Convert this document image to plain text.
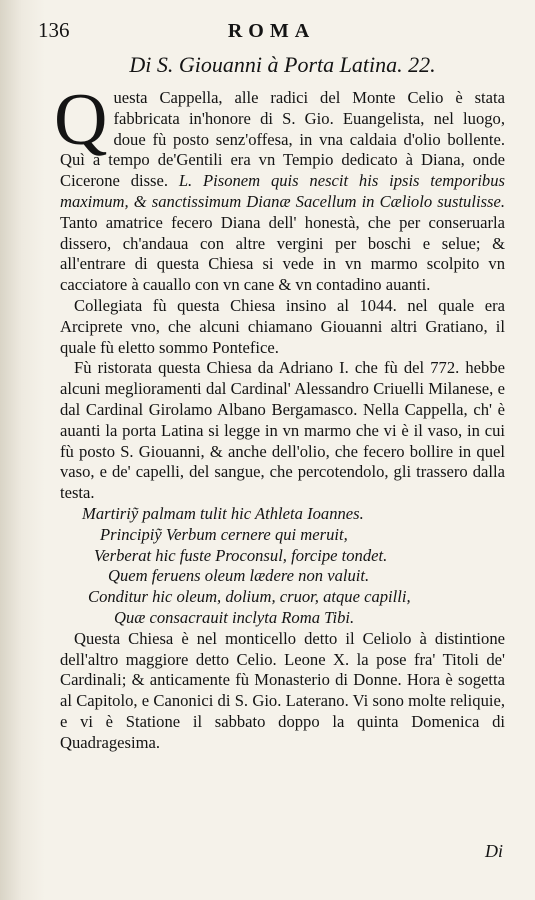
136	ROMA
Di S. Giouanni à Porta Latina. 22.

Questa Cappella, alle radici del Monte Celio è stata fabbricata in'honore di S. Gio. Euangelista, nel luogo, doue fù posto senz'offesa, in vna caldaia d'olio bollente. Quì à tempo de'Gentili era vn Tempio dedicato à Diana, onde Cicerone disse. L. Pisonem quis nescit his ipsis temporibus maximum, & sanctissimum Dianæ Sacellum in Cæliolo sustulisse. Tanto amatrice fecero Diana dell' honestà, che per conseruarla dissero, ch'andaua con altre vergini per boschi e selue; & all'entrare di questa Chiesa si vede in vn marmo scolpito vn cacciatore à cauallo con vn cane & vn contadino auanti.

Collegiata fù questa Chiesa insino al 1044. nel quale era Arciprete vno, che alcuni chiamano Giouanni altri Gratiano, il quale fù eletto sommo Pontefice.

Fù ristorata questa Chiesa da Adriano I. che fù del 772. hebbe alcuni meglioramenti dal Cardinal' Alessandro Criuelli Milanese, e dal Cardinal Girolamo Albano Bergamasco. Nella Cappella, ch' è auanti la porta Latina si legge in vn marmo che vi è il vaso, in cui fù posto S. Giouanni, & anche dell'olio, che fecero bollire in quel vaso, e de' capelli, del sangue, che percotendolo, gli trassero dalla testa.

Martiriỹ palmam tulit hic Athleta Ioannes.
Principiỹ Verbum cernere qui meruit,
Verberat hic fuste Proconsul, forcipe tondet.
Quem feruens oleum lædere non valuit.
Conditur hic oleum, dolium, cruor, atque capilli,
Quæ consacrauit inclyta Roma Tibi.

Questa Chiesa è nel monticello detto il Celiolo à distintione dell'altro maggiore detto Celio. Leone X. la pose fra' Titoli de' Cardinali; & anticamente fù Monasterio di Donne. Hora è sogetta al Capitolo, e Canonici di S. Gio. Laterano. Vi sono molte reliquie, e vi è Statione il sabbato doppo la quinta Domenica di Quadragesima.

Di
